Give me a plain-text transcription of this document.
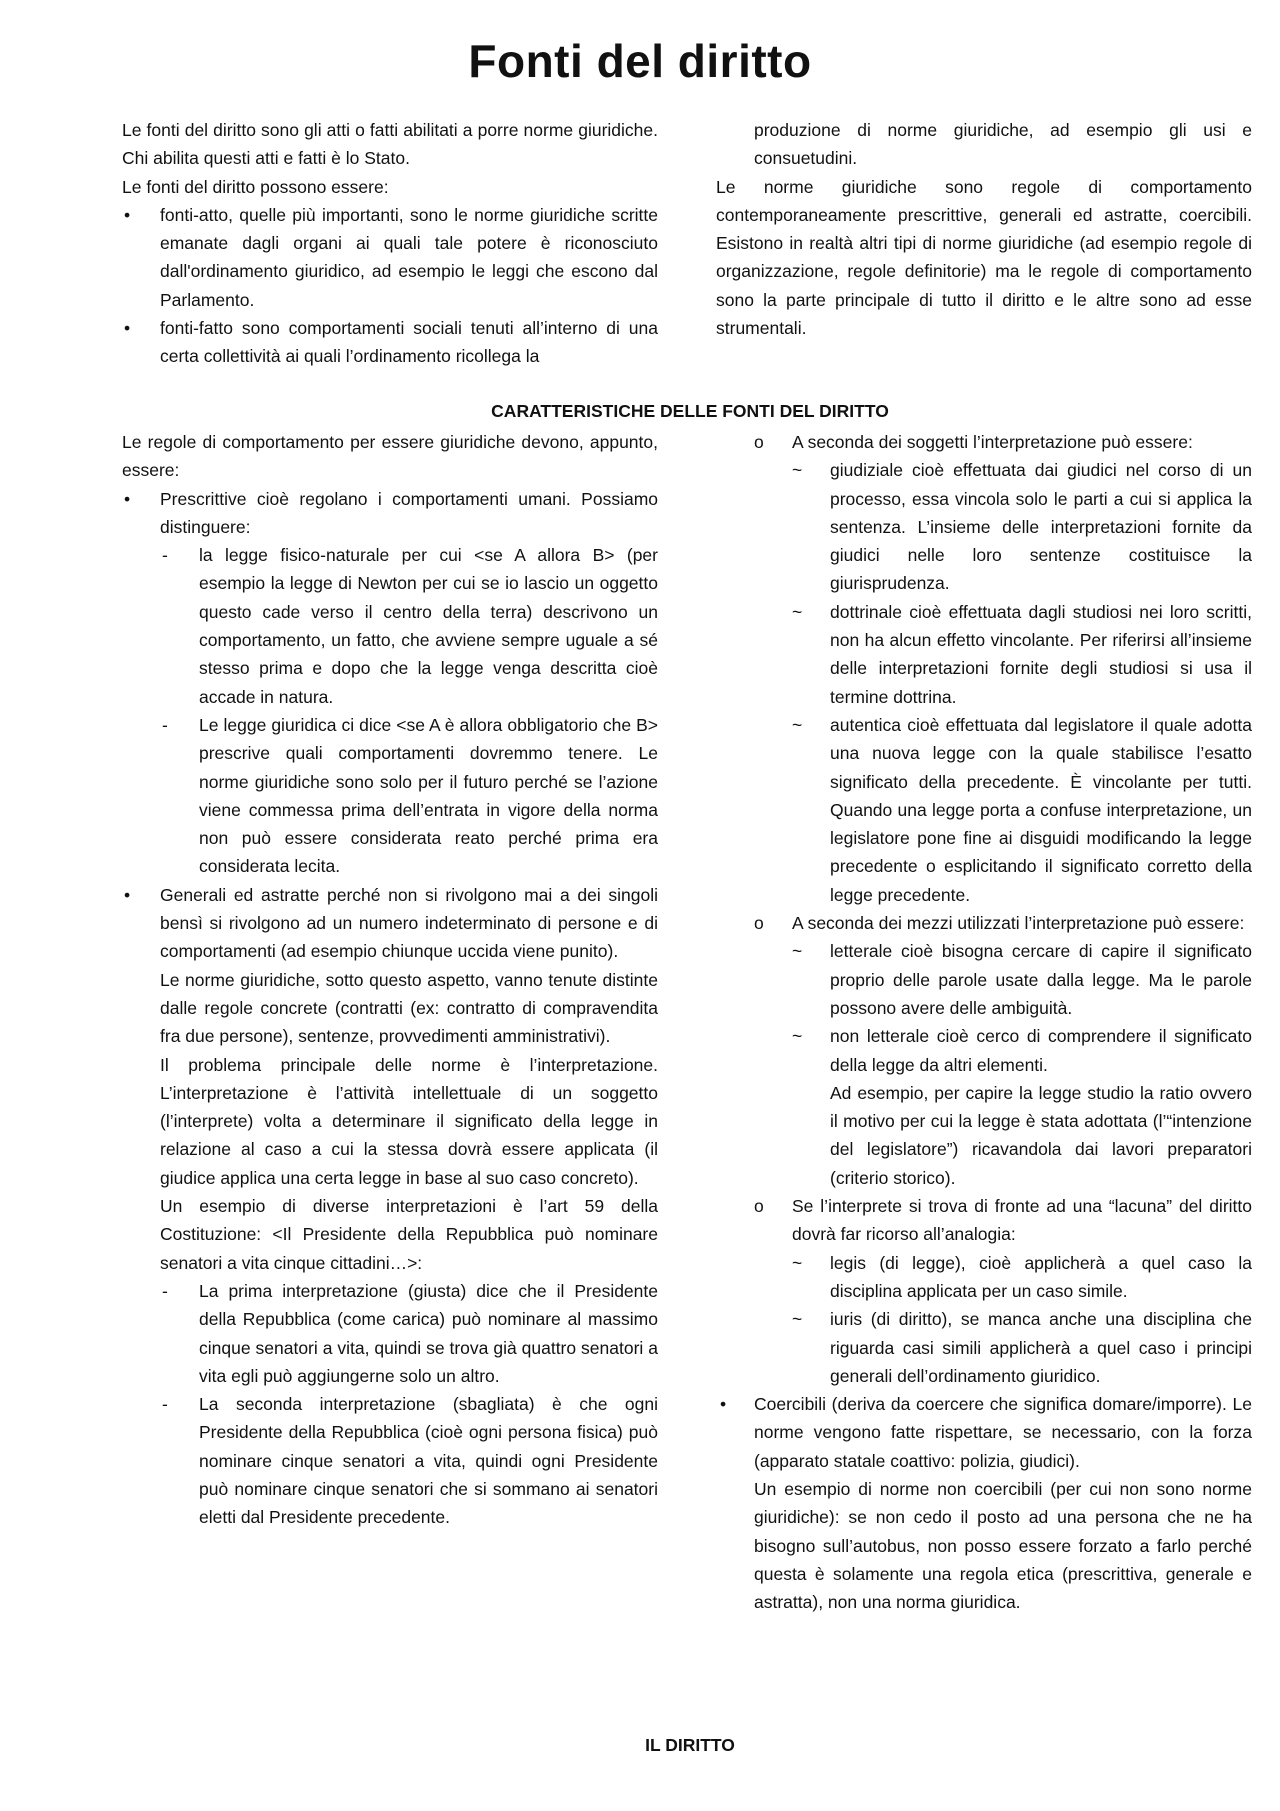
Fonti del diritto

Le fonti del diritto sono gli atti o fatti abilitati a porre norme giuridiche. Chi abilita questi atti e fatti è lo Stato.

Le fonti del diritto possono essere:

• fonti-atto, quelle più importanti, sono le norme giuridiche scritte emanate dagli organi ai quali tale potere è riconosciuto dall'ordinamento giuridico, ad esempio le leggi che escono dal Parlamento.
• fonti-fatto sono comportamenti sociali tenuti all’interno di una certa collettività ai quali l’ordinamento ricollega la

produzione di norme giuridiche, ad esempio gli usi e consuetudini.

Le norme giuridiche sono regole di comportamento contemporaneamente prescrittive, generali ed astratte, coercibili. Esistono in realtà altri tipi di norme giuridiche (ad esempio regole di organizzazione, regole definitorie) ma le regole di comportamento sono la parte principale di tutto il diritto e le altre sono ad esse strumentali.

CARATTERISTICHE DELLE FONTI DEL DIRITTO

Le regole di comportamento per essere giuridiche devono, appunto, essere:

• Prescrittive cioè regolano i comportamenti umani. Possiamo distinguere:
- la legge fisico-naturale per cui <se A allora B> (per esempio la legge di Newton per cui se io lascio un oggetto questo cade verso il centro della terra) descrivono un comportamento, un fatto, che avviene sempre uguale a sé stesso prima e dopo che la legge venga descritta cioè accade in natura.
- Le legge giuridica ci dice <se A è allora obbligatorio che B> prescrive quali comportamenti dovremmo tenere. Le norme giuridiche sono solo per il futuro perché se l’azione viene commessa prima dell’entrata in vigore della norma non può essere considerata reato perché prima era considerata lecita.
• Generali ed astratte perché non si rivolgono mai a dei singoli bensì si rivolgono ad un numero indeterminato di persone e di comportamenti (ad esempio chiunque uccida viene punito).

Le norme giuridiche, sotto questo aspetto, vanno tenute distinte dalle regole concrete (contratti (ex: contratto di compravendita fra due persone), sentenze, provvedimenti amministrativi).

Il problema principale delle norme è l’interpretazione. L’interpretazione è l’attività intellettuale di un soggetto (l’interprete) volta a determinare il significato della legge in relazione al caso a cui la stessa dovrà essere applicata (il giudice applica una certa legge in base al suo caso concreto).

Un esempio di diverse interpretazioni è l’art 59 della Costituzione: <Il Presidente della Repubblica può nominare senatori a vita cinque cittadini…>:

- La prima interpretazione (giusta) dice che il Presidente della Repubblica (come carica) può nominare al massimo cinque senatori a vita, quindi se trova già quattro senatori a vita egli può aggiungerne solo un altro.
- La seconda interpretazione (sbagliata) è che ogni Presidente della Repubblica (cioè ogni persona fisica) può nominare cinque senatori a vita, quindi ogni Presidente può nominare cinque senatori che si sommano ai senatori eletti dal Presidente precedente.
o A seconda dei soggetti l’interpretazione può essere:
~ giudiziale cioè effettuata dai giudici nel corso di un processo, essa vincola solo le parti a cui si applica la sentenza. L’insieme delle interpretazioni fornite da giudici nelle loro sentenze costituisce la giurisprudenza.
~ dottrinale cioè effettuata dagli studiosi nei loro scritti, non ha alcun effetto vincolante. Per riferirsi all’insieme delle interpretazioni fornite degli studiosi si usa il termine dottrina.
~ autentica cioè effettuata dal legislatore il quale adotta una nuova legge con la quale stabilisce l’esatto significato della precedente. È vincolante per tutti. Quando una legge porta a confuse interpretazione, un legislatore pone fine ai disguidi modificando la legge precedente o esplicitando il significato corretto della legge precedente.
o A seconda dei mezzi utilizzati l’interpretazione può essere:
~ letterale cioè bisogna cercare di capire il significato proprio delle parole usate dalla legge. Ma le parole possono avere delle ambiguità.
~ non letterale cioè cerco di comprendere il significato della legge da altri elementi.

Ad esempio, per capire la legge studio la ratio ovvero il motivo per cui la legge è stata adottata (l’“intenzione del legislatore”) ricavandola dai lavori preparatori (criterio storico).

o Se l’interprete si trova di fronte ad una “lacuna” del diritto dovrà far ricorso all’analogia:
~ legis (di legge), cioè applicherà a quel caso la disciplina applicata per un caso simile.
~ iuris (di diritto), se manca anche una disciplina che riguarda casi simili applicherà a quel caso i principi generali dell’ordinamento giuridico.
• Coercibili (deriva da coercere che significa domare/imporre). Le norme vengono fatte rispettare, se necessario, con la forza (apparato statale coattivo: polizia, giudici).

Un esempio di norme non coercibili (per cui non sono norme giuridiche): se non cedo il posto ad una persona che ne ha bisogno sull’autobus, non posso essere forzato a farlo perché questa è solamente una regola etica (prescrittiva, generale e astratta), non una norma giuridica.

IL DIRITTO
